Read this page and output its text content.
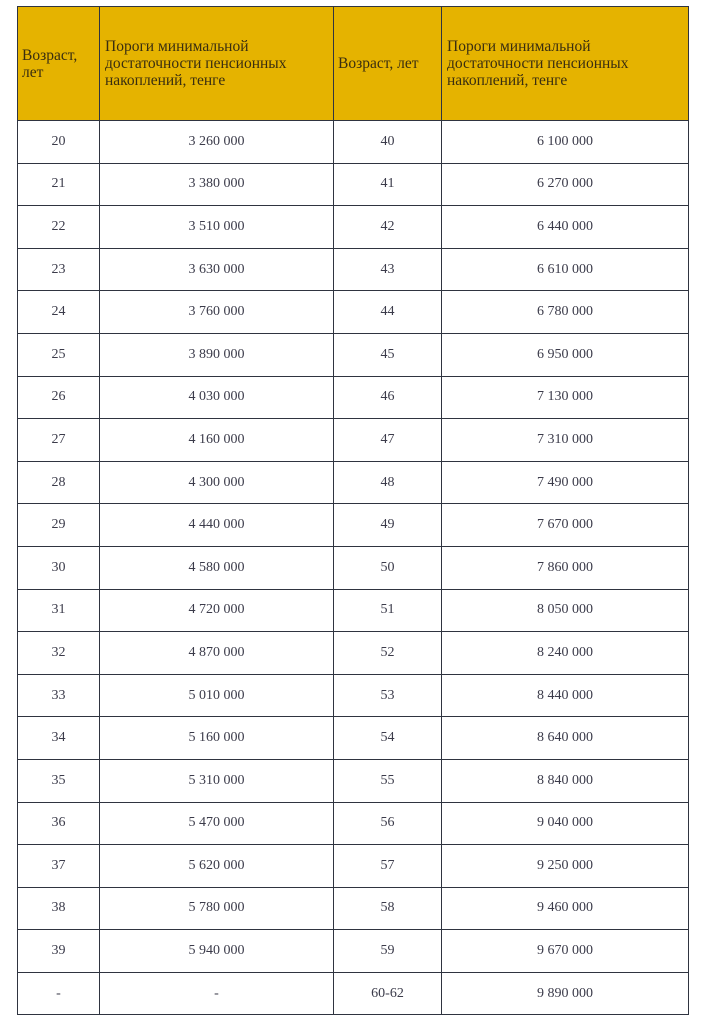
Возраст, лет	Пороги минимальной достаточности пенсионных накоплений, тенге	Возраст, лет	Пороги минимальной достаточности пенсионных накоплений, тенге
20	3 260 000	40	6 100 000
21	3 380 000	41	6 270 000
22	3 510 000	42	6 440 000
23	3 630 000	43	6 610 000
24	3 760 000	44	6 780 000
25	3 890 000	45	6 950 000
26	4 030 000	46	7 130 000
27	4 160 000	47	7 310 000
28	4 300 000	48	7 490 000
29	4 440 000	49	7 670 000
30	4 580 000	50	7 860 000
31	4 720 000	51	8 050 000
32	4 870 000	52	8 240 000
33	5 010 000	53	8 440 000
34	5 160 000	54	8 640 000
35	5 310 000	55	8 840 000
36	5 470 000	56	9 040 000
37	5 620 000	57	9 250 000
38	5 780 000	58	9 460 000
39	5 940 000	59	9 670 000
-	-	60-62	9 890 000
